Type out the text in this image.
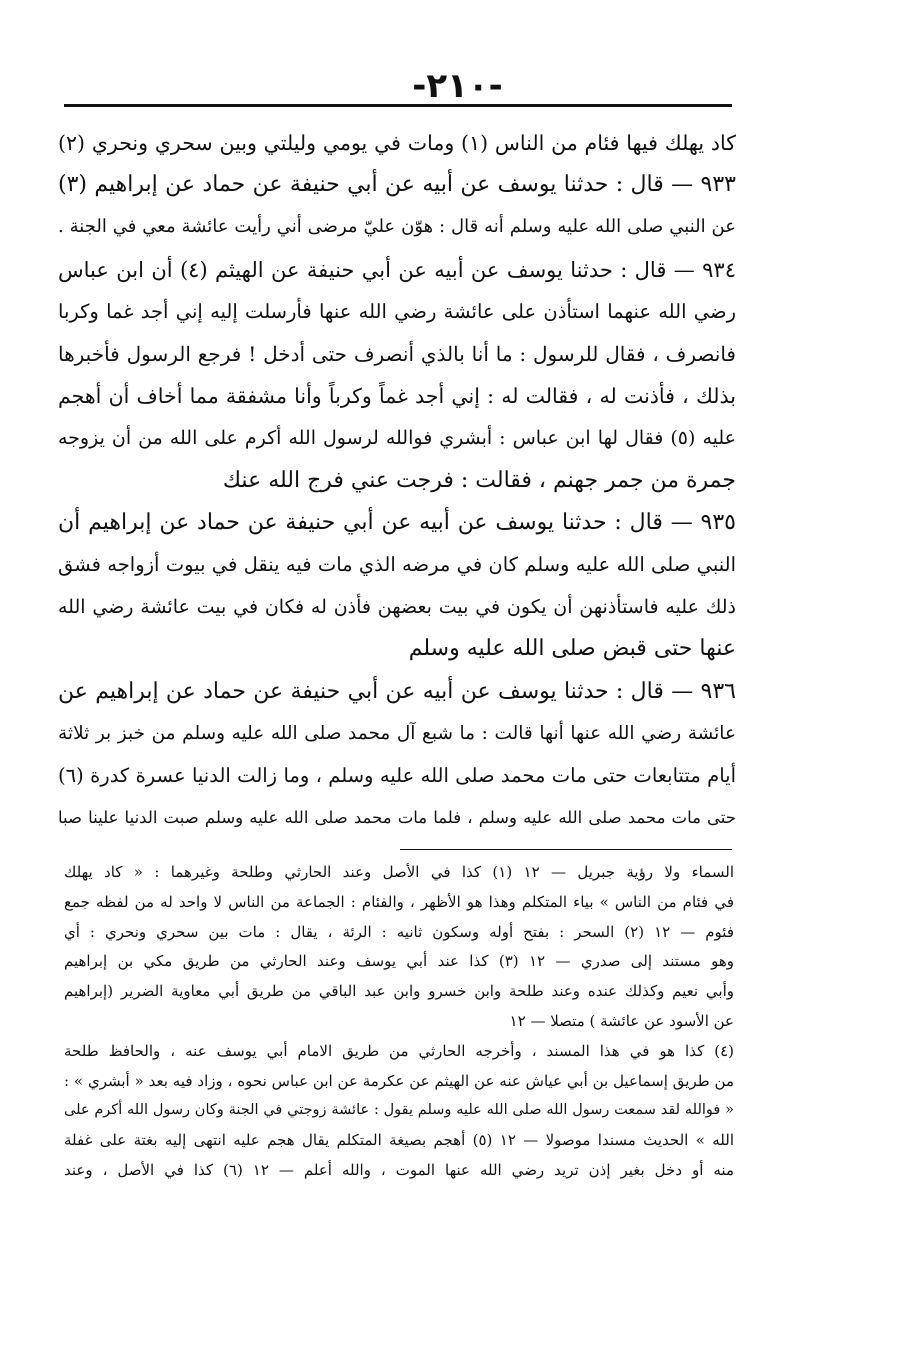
-٢١٠-
كاد يهلك فيها فئام من الناس (١) ومات في يومي وليلتي وبين سحري ونحري (٢)
٩٣٣ — قال : حدثنا يوسف عن أبيه عن أبي حنيفة عن حماد عن إبراهيم (٣)
عن النبي صلى الله عليه وسلم أنه قال : هوّن عليّ مرضى أني رأيت عائشة معي في الجنة .
٩٣٤ — قال : حدثنا يوسف عن أبيه عن أبي حنيفة عن الهيثم (٤) أن ابن عباس
رضي الله عنهما استأذن على عائشة رضي الله عنها فأرسلت إليه إني أجد غما وكربا
فانصرف ، فقال للرسول : ما أنا بالذي أنصرف حتى أدخل ! فرجع الرسول فأخبرها
بذلك ، فأذنت له ، فقالت له : إني أجد غماً وكرباً وأنا مشفقة مما أخاف أن أهجم
عليه (٥) فقال لها ابن عباس : أبشري فوالله لرسول الله أكرم على الله من أن يزوجه
جمرة من جمر جهنم ، فقالت : فرجت عني فرج الله عنك
٩٣٥ — قال : حدثنا يوسف عن أبيه عن أبي حنيفة عن حماد عن إبراهيم أن
النبي صلى الله عليه وسلم كان في مرضه الذي مات فيه ينقل في بيوت أزواجه فشق
ذلك عليه فاستأذنهن أن يكون في بيت بعضهن فأذن له فكان في بيت عائشة رضي الله
عنها حتى قبض صلى الله عليه وسلم
٩٣٦ — قال : حدثنا يوسف عن أبيه عن أبي حنيفة عن حماد عن إبراهيم عن
عائشة رضي الله عنها أنها قالت : ما شبع آل محمد صلى الله عليه وسلم من خبز بر ثلاثة
أيام متتابعات حتى مات محمد صلى الله عليه وسلم ، وما زالت الدنيا عسرة كدرة (٦)
حتى مات محمد صلى الله عليه وسلم ، فلما مات محمد صلى الله عليه وسلم صبت الدنيا علينا صبا
السماء ولا رؤية جبريل — ١٢ (١) كذا في الأصل وعند الحارثي وطلحة وغيرهما : « كاد يهلك
في فئام من الناس » بياء المتكلم وهذا هو الأظهر ، والفئام : الجماعة من الناس لا واحد له من لفظه جمع
فئوم — ١٢ (٢) السحر : بفتح أوله وسكون ثانيه : الرئة ، يقال : مات بين سحري ونحري : أي
وهو مستند إلى صدري — ١٢ (٣) كذا عند أبي يوسف وعند الحارثي من طريق مكي بن إبراهيم
وأبي نعيم وكذلك عنده وعند طلحة وابن خسرو وابن عبد الباقي من طريق أبي معاوية الضرير (إبراهيم
عن الأسود عن عائشة ) متصلا — ١٢
(٤) كذا هو في هذا المسند ، وأخرجه الحارثي من طريق الامام أبي يوسف عنه ، والحافظ طلحة
من طريق إسماعيل بن أبي عياش عنه عن الهيثم عن عكرمة عن ابن عباس نحوه ، وزاد فيه بعد « أبشري » :
« فوالله لقد سمعت رسول الله صلى الله عليه وسلم يقول : عائشة زوجتي في الجنة وكان رسول الله أكرم على
الله » الحديث مسندا موصولا — ١٢ (٥) أهجم بصيغة المتكلم يقال هجم عليه انتهى إليه بغتة على غفلة
منه أو دخل بغير إذن تريد رضي الله عنها الموت ، والله أعلم — ١٢ (٦) كذا في الأصل ، وعند
